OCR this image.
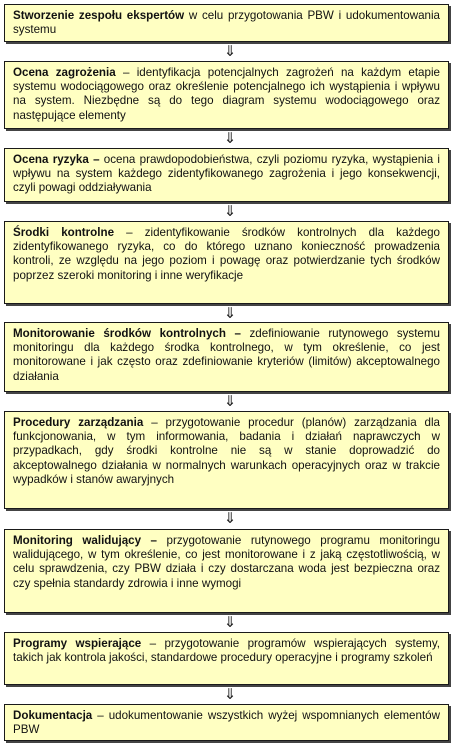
Stworzenie zespołu ekspertów w celu przygotowania PBW i udokumentowania systemu
⇓
Ocena zagrożenia – identyfikacja potencjalnych zagrożeń na każdym etapie systemu wodociągowego oraz określenie potencjalnego ich wystąpienia i wpływu na system. Niezbędne są do tego diagram systemu wodociągowego oraz następujące elementy
⇓
Ocena ryzyka – ocena prawdopodobieństwa, czyli poziomu ryzyka, wystąpienia i wpływu na system każdego zidentyfikowanego zagrożenia i jego konsekwencji, czyli powagi oddziaływania
⇓
Środki kontrolne – zidentyfikowanie środków kontrolnych dla każdego zidentyfikowanego ryzyka, co do którego uznano konieczność prowadzenia kontroli, ze względu na jego poziom i powagę oraz potwierdzanie tych środków poprzez szeroki monitoring i inne weryfikacje
⇓
Monitorowanie środków kontrolnych – zdefiniowanie rutynowego systemu monitoringu dla każdego środka kontrolnego, w tym określenie, co jest monitorowane i jak często oraz zdefiniowanie kryteriów (limitów) akceptowalnego działania
⇓
Procedury zarządzania – przygotowanie procedur (planów) zarządzania dla funkcjonowania, w tym informowania, badania i działań naprawczych w przypadkach, gdy środki kontrolne nie są w stanie doprowadzić do akceptowalnego działania w normalnych warunkach operacyjnych oraz w trakcie wypadków i stanów awaryjnych
⇓
Monitoring walidujący – przygotowanie rutynowego programu monitoringu walidującego, w tym określenie, co jest monitorowane i z jaką częstotliwością, w celu sprawdzenia, czy PBW działa i czy dostarczana woda jest bezpieczna oraz czy spełnia standardy zdrowia i inne wymogi
⇓
Programy wspierające – przygotowanie programów wspierających systemy, takich jak kontrola jakości, standardowe procedury operacyjne i programy szkoleń
⇓
Dokumentacja – udokumentowanie wszystkich wyżej wspomnianych elementów PBW
